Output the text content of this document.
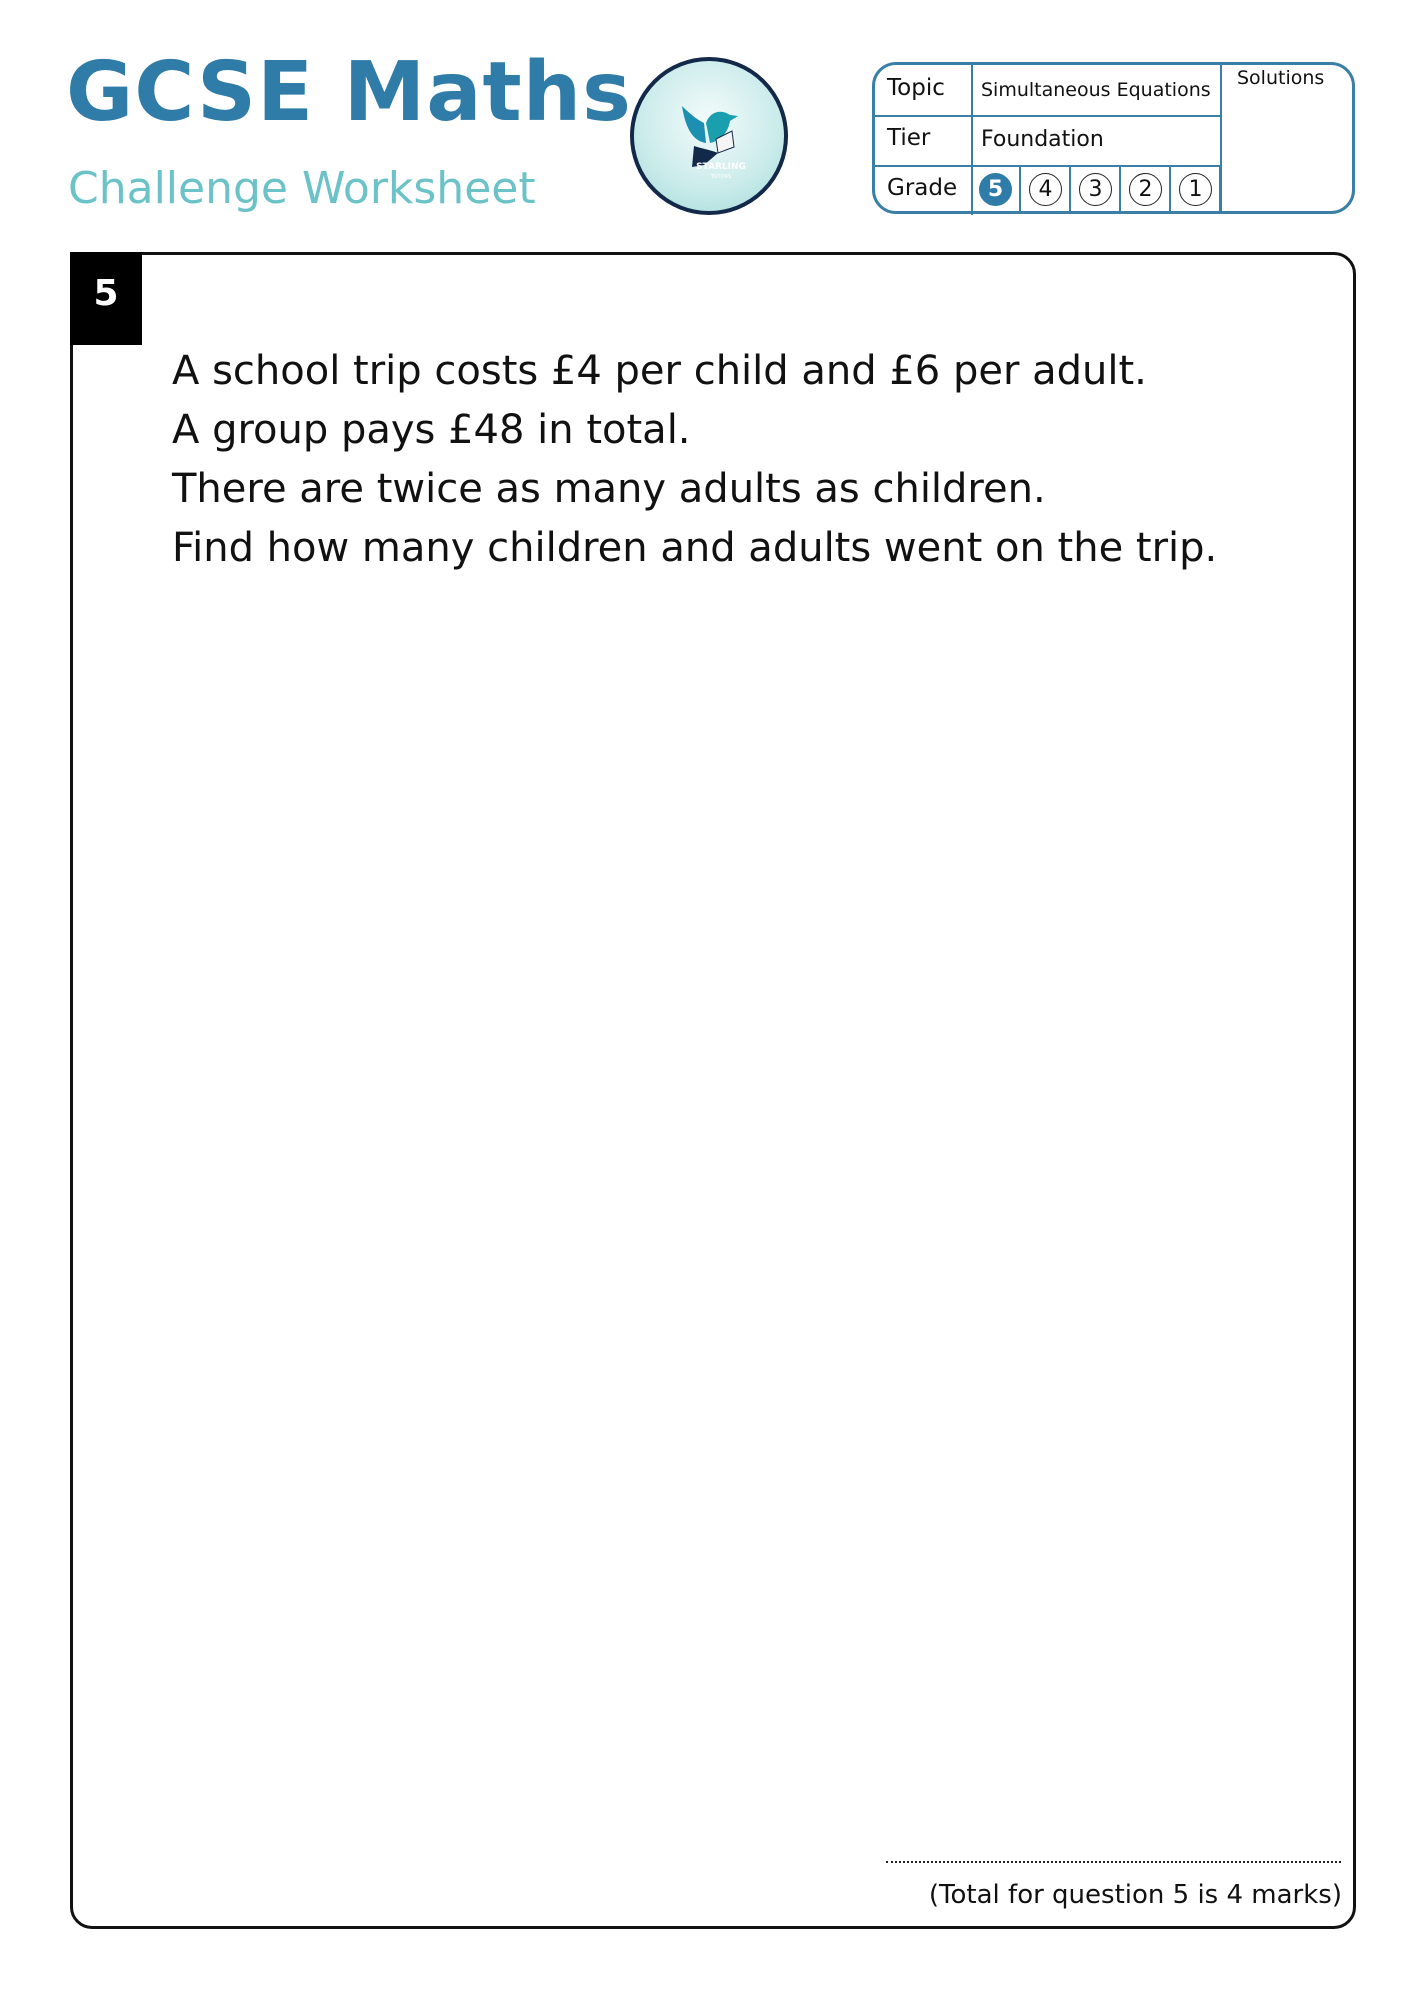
GCSE Maths
Challenge Worksheet	STARLING
TUTORS
Topic Simultaneous Equations
Tier Foundation
Grade	5	4	3	2	1
Solutions
5
A school trip costs £4 per child and £6 per adult.
A group pays £48 in total.
There are twice as many adults as children.
Find how many children and adults went on the trip.
(Total for question 5 is 4 marks)
